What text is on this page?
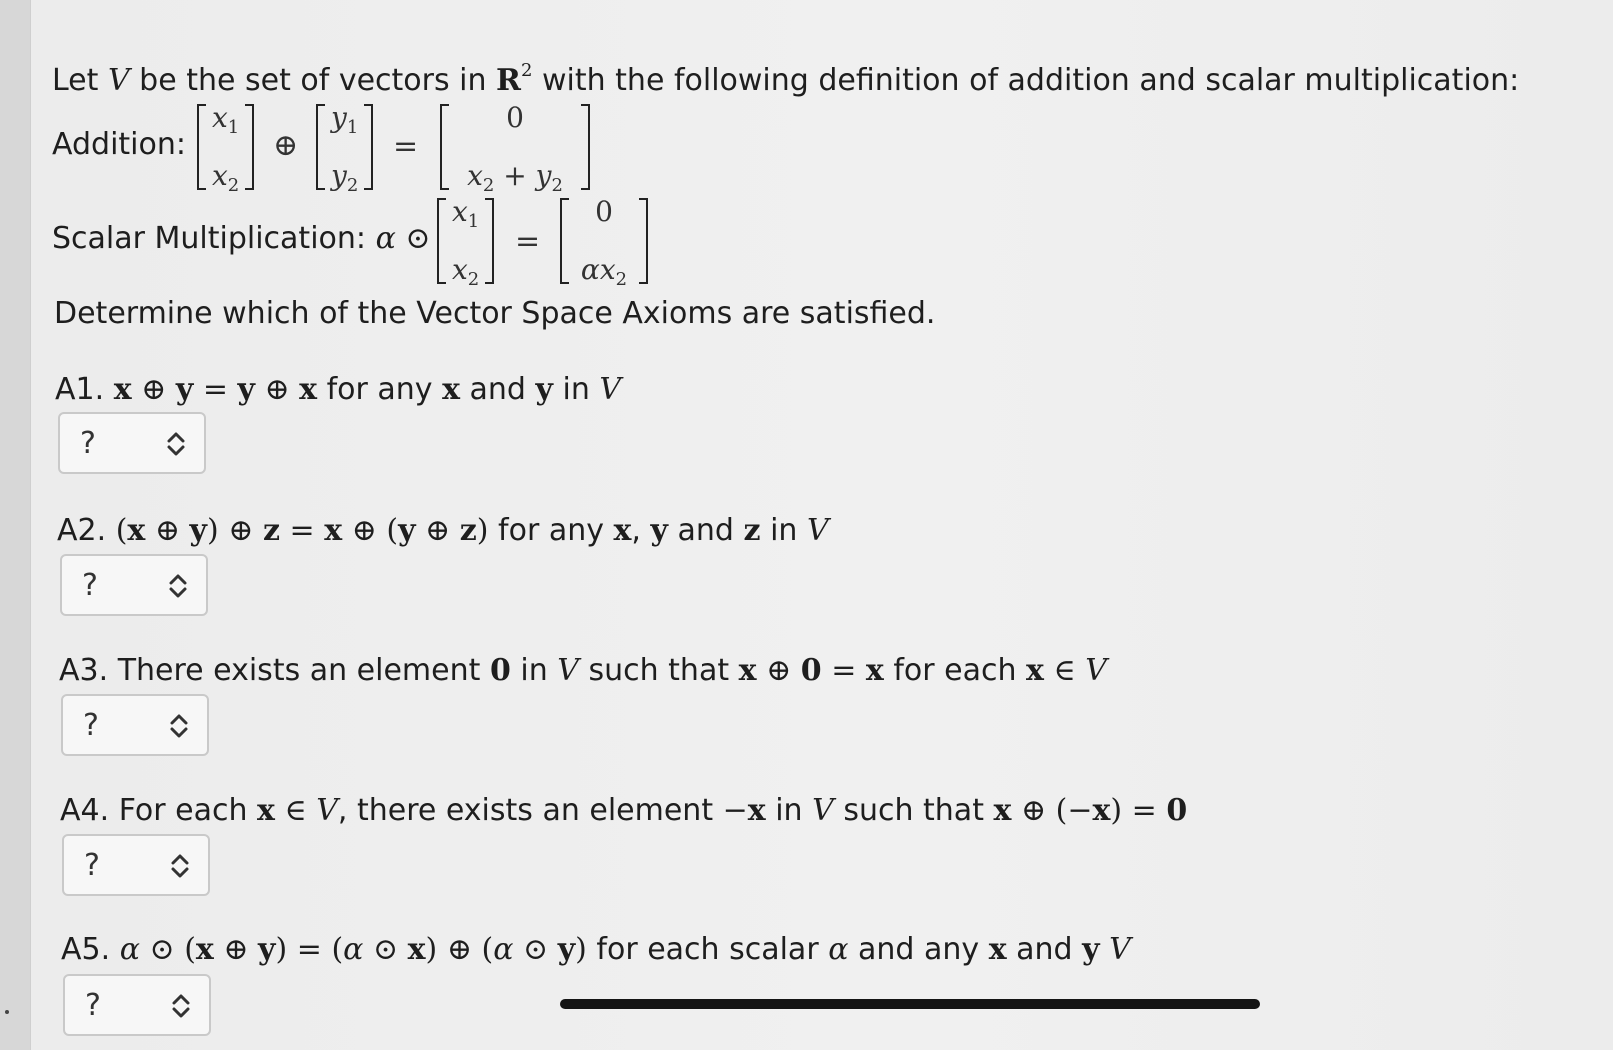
Let V be the set of vectors in $R^2$ with the following definition of addition and scalar multiplication:
Addition:
$x_1$
$x_2$
⊕
$y_1$
$y_2$
=
0
$x_2 + y_2$
Scalar Multiplication: α ⊙
$x_1$
$x_2$
=
0
$\alpha x_2$
Determine which of the Vector Space Axioms are satisfied.
A1. x ⊕ y = y ⊕ x for any x and y in V
?
A2. (x ⊕ y) ⊕ z = x ⊕ (y ⊕ z) for any x, y and z in V
?
A3. There exists an element 0 in V such that x ⊕ 0 = x for each x ∈ V
?
A4. For each x ∈ V, there exists an element −x in V such that x ⊕ (−x) = 0
?
A5. α ⊙ (x ⊕ y) = (α ⊙ x) ⊕ (α ⊙ y) for each scalar α and any x and y V
?
